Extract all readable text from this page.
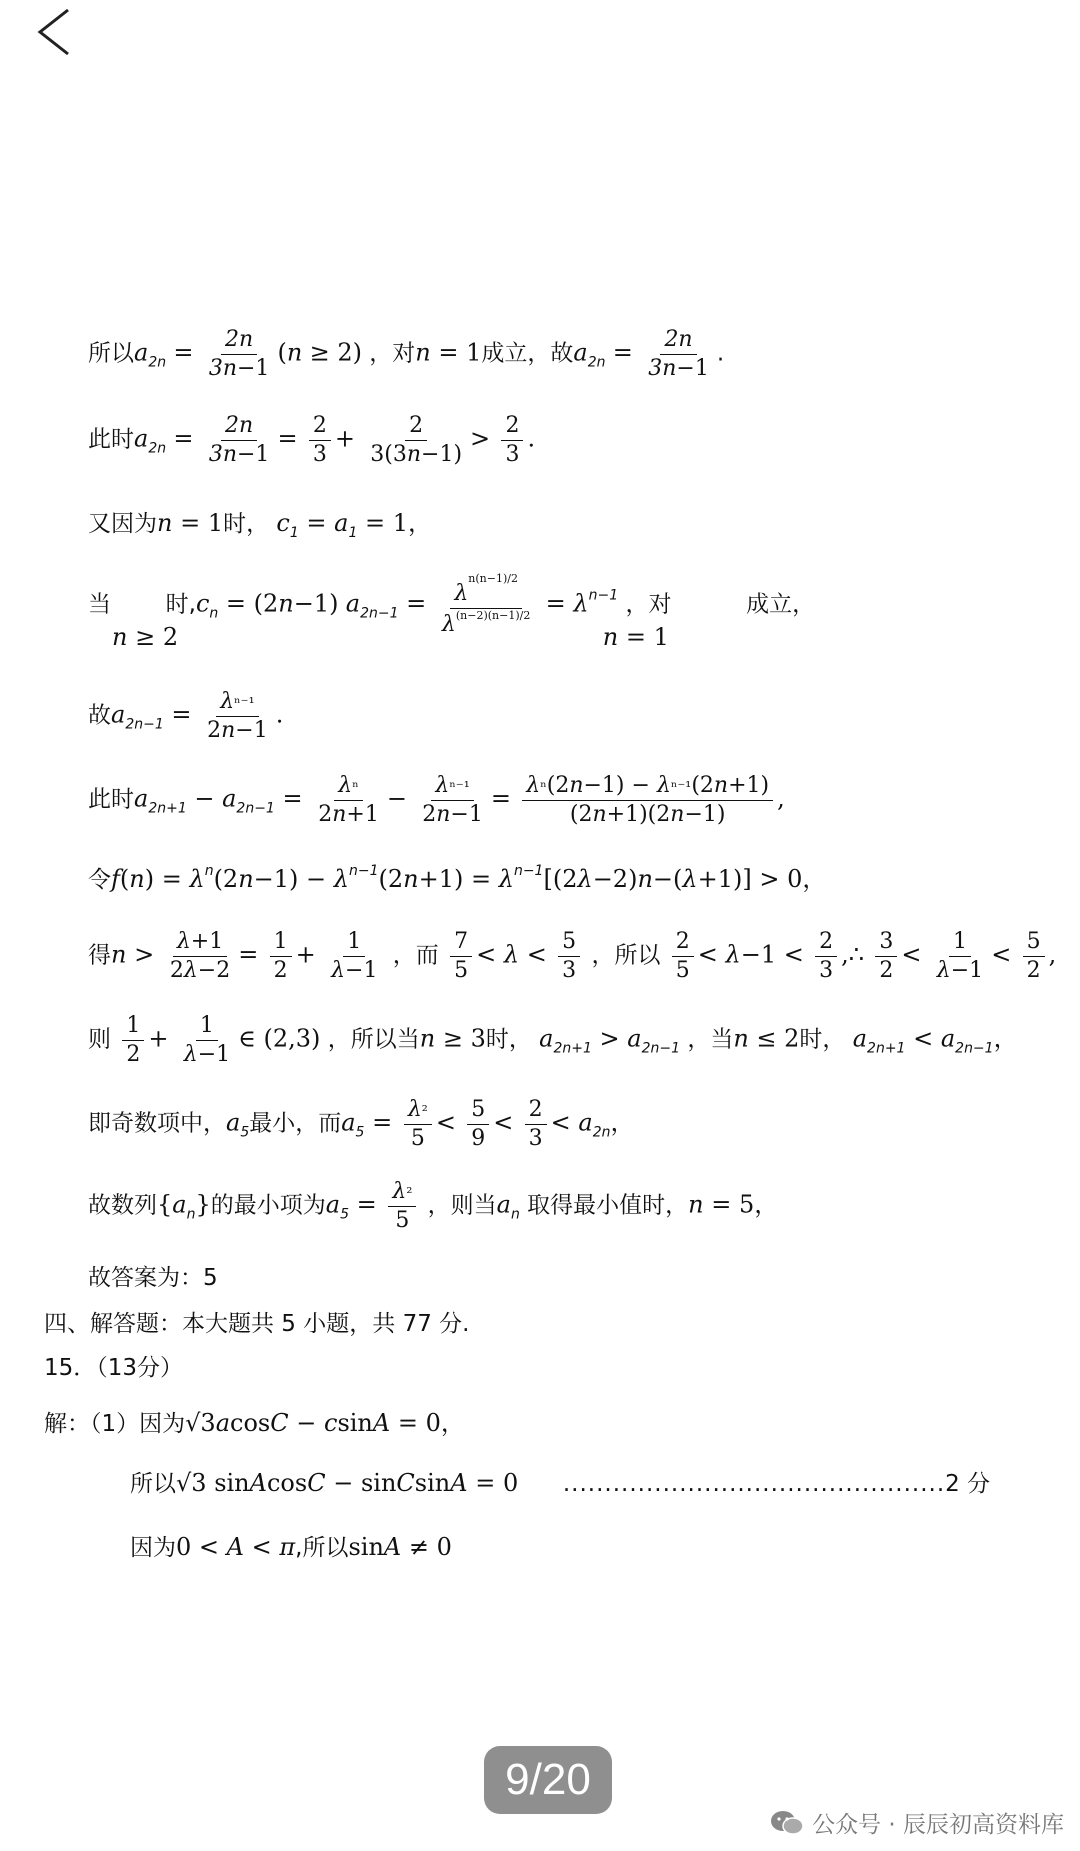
所以$a_{2n} = \frac{2n}{3n-1} (n \ge 2)$ ，对n = 1成立，故$a_{2n} = \frac{2n}{3n-1}$ .
此时$a_{2n} = \frac{2n}{3n-1} = \frac{2}{3} + \frac{2}{3(3n-1)} > \frac{2}{3}$ .
又因为n = 1时， $c_1 = a_1 = 1$，
当 时$,c_n = (2n-1) a_{2n-1} = \frac{\lambda^{n(n-1)/2}}{\lambda^{(n-2)(n-1)/2}} = \lambda^{n-1}$ ，对	成立，
n ≥ 2	n = 1
故$a_{2n-1} = \frac{\text{λⁿ⁻¹}}{2n-1}$ .
此时$a_{2n+1} - a_{2n-1} = \frac{\text{λⁿ}}{2n+1} - \frac{\text{λⁿ⁻¹}}{2n-1} = \frac{\text{λⁿ(2n−1) − λⁿ⁻¹(2n+1)}}{(2n+1)(2n-1)}$ ,
令$f(n) = \lambda^n(2n-1) - \lambda^{n-1}(2n+1) = \lambda^{n-1}[(2\lambda-2)n-(\lambda+1)] > 0$，
得$n > \frac{\lambda+1}{2\lambda-2} = \frac{1}{2} + \frac{1}{\lambda-1}$ ，而 $\frac{7}{5} < \lambda < \frac{5}{3}$ ，所以 $\frac{2}{5} < \lambda-1 < \frac{2}{3}$ ,∴ $\frac{3}{2} < \frac{1}{\lambda-1} < \frac{5}{2}$ ,
则 $\frac{1}{2} + \frac{1}{\lambda-1}$ ∈ (2,3) ，所以当n ≥ 3时， $a_{2n+1} > a_{2n-1}$ ，当n ≤ 2时， $a_{2n+1} < a_{2n-1}$，
即奇数项中，$a_5$最小，而$a_5 = \frac{\text{λ²}}{5} < \frac{5}{9} < \frac{2}{3} < a_{2n}$，
故数列$\{a_n\}$的最小项为$a_5 = \frac{\text{λ²}}{5}$ ，则当$a_n$ 取得最小值时，n = 5，
故答案为：5
四、解答题：本大题共 5 小题，共 77 分.
15．（13分）
解：（1）因为√3acosC − csinA = 0，
所以√3 sinAcosC − sinCsinA = 0 ..............................................2 分
因为0 < A < π,所以sinA ≠ 0
9/20
公众号 · 辰辰初高资料库
